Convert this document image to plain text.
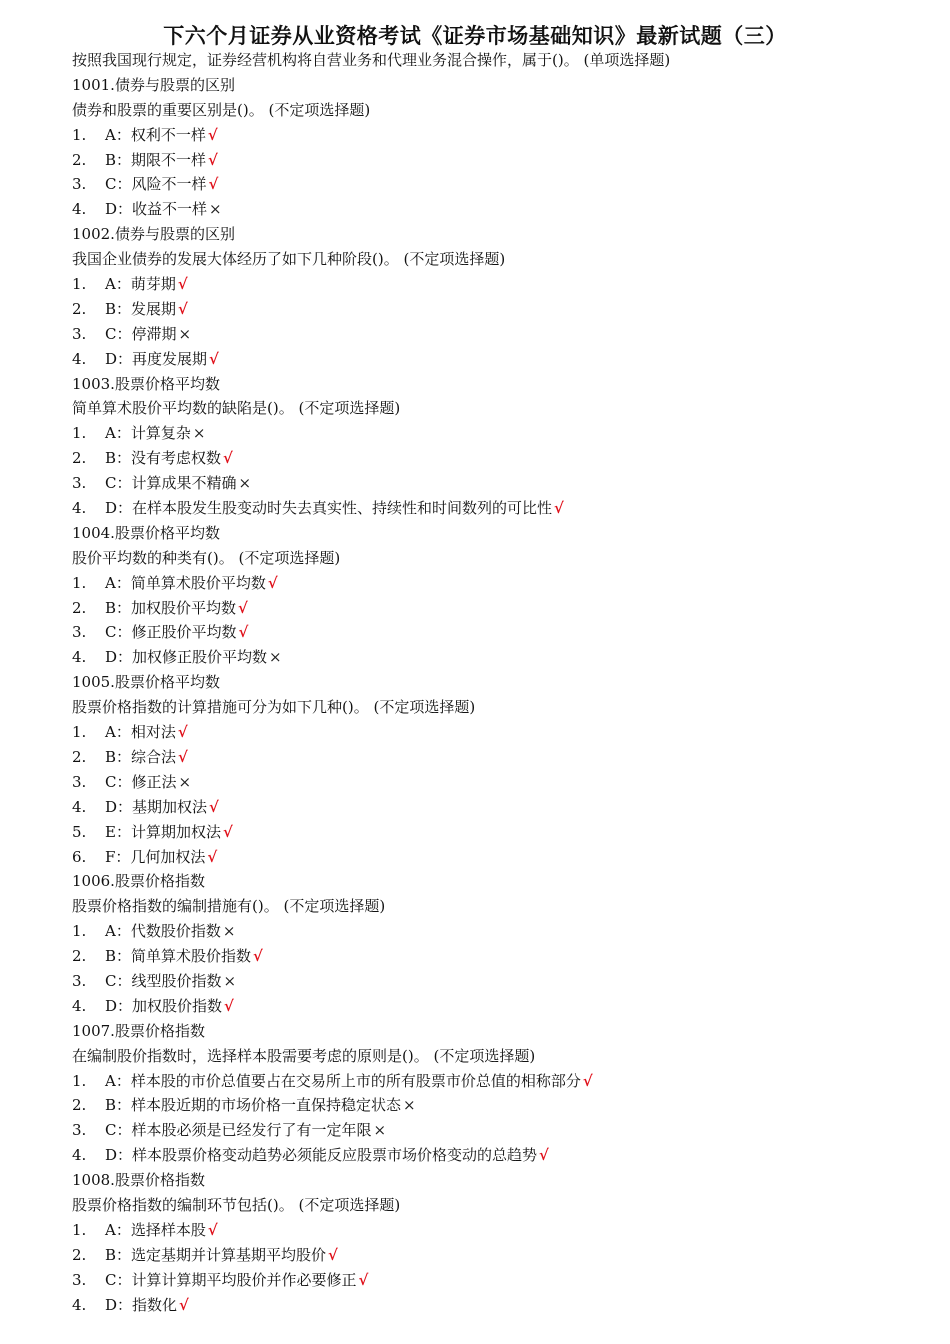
下六个月证券从业资格考试《证券市场基础知识》最新试题（三）
按照我国现行规定，证券经营机构将自营业务和代理业务混合操作，属于()。 (单项选择题)
1001.债券与股票的区别
债券和股票的重要区别是()。 (不定项选择题)
1. A：权利不一样 √
2. B：期限不一样 √
3. C：风险不一样 √
4. D：收益不一样 ×
1002.债券与股票的区别
我国企业债券的发展大体经历了如下几种阶段()。 (不定项选择题)
1. A：萌芽期 √
2. B：发展期 √
3. C：停滞期 ×
4. D：再度发展期 √
1003.股票价格平均数
简单算术股价平均数的缺陷是()。 (不定项选择题)
1. A：计算复杂 ×
2. B：没有考虑权数 √
3. C：计算成果不精确 ×
4. D：在样本股发生股变动时失去真实性、持续性和时间数列的可比性 √
1004.股票价格平均数
股价平均数的种类有()。 (不定项选择题)
1. A：简单算术股价平均数 √
2. B：加权股价平均数 √
3. C：修正股价平均数 √
4. D：加权修正股价平均数 ×
1005.股票价格平均数
股票价格指数的计算措施可分为如下几种()。 (不定项选择题)
1. A：相对法 √
2. B：综合法 √
3. C：修正法 ×
4. D：基期加权法 √
5. E：计算期加权法 √
6. F：几何加权法 √
1006.股票价格指数
股票价格指数的编制措施有()。 (不定项选择题)
1. A：代数股价指数 ×
2. B：简单算术股价指数 √
3. C：线型股价指数 ×
4. D：加权股价指数 √
1007.股票价格指数
在编制股价指数时，选择样本股需要考虑的原则是()。 (不定项选择题)
1. A：样本股的市价总值要占在交易所上市的所有股票市价总值的相称部分 √
2. B：样本股近期的市场价格一直保持稳定状态 ×
3. C：样本股必须是已经发行了有一定年限 ×
4. D：样本股票价格变动趋势必须能反应股票市场价格变动的总趋势 √
1008.股票价格指数
股票价格指数的编制环节包括()。 (不定项选择题)
1. A：选择样本股 √
2. B：选定基期并计算基期平均股价 √
3. C：计算计算期平均股价并作必要修正 √
4. D：指数化 √
